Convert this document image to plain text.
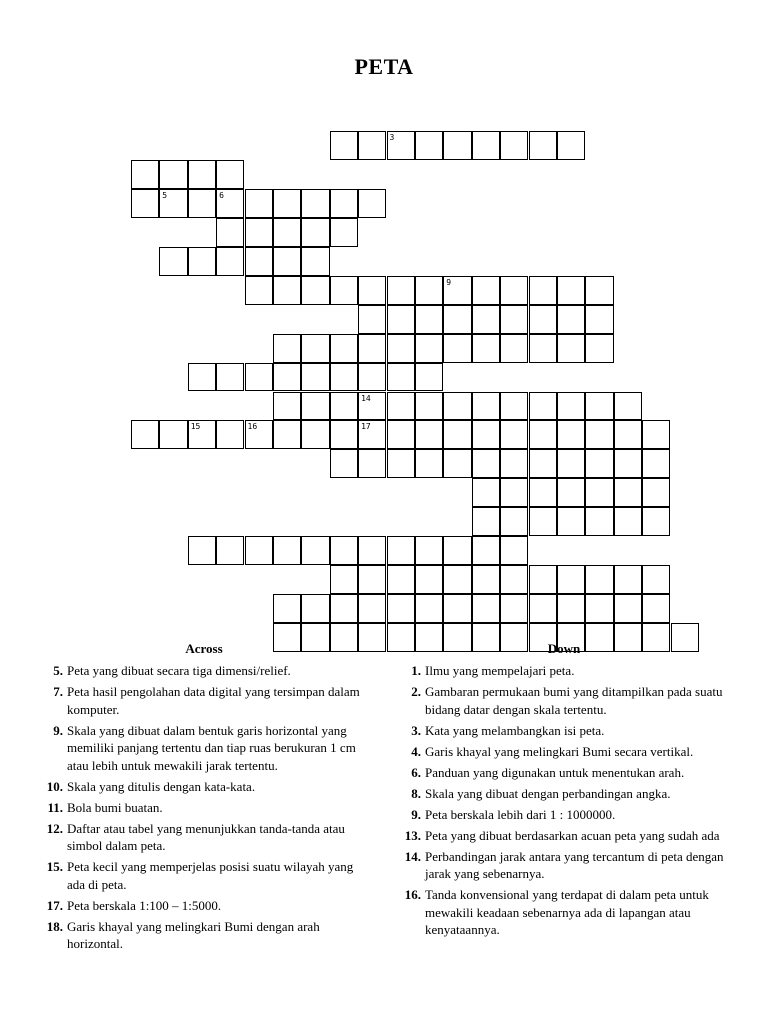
PETA
3
5	6
9
14
15	16	17
Across
5. Peta yang dibuat secara tiga dimensi/relief.
7. Peta hasil pengolahan data digital yang tersimpan dalam komputer.
9. Skala yang dibuat dalam bentuk garis horizontal yang memiliki panjang tertentu dan tiap ruas berukuran 1 cm atau lebih untuk mewakili jarak tertentu.
10. Skala yang ditulis dengan kata-kata.
11. Bola bumi buatan.
12. Daftar atau tabel yang menunjukkan tanda-tanda atau simbol dalam peta.
15. Peta kecil yang memperjelas posisi suatu wilayah yang ada di peta.
17. Peta berskala 1:100 – 1:5000.
18. Garis khayal yang melingkari Bumi dengan arah horizontal.
Down
1. Ilmu yang mempelajari peta.
2. Gambaran permukaan bumi yang ditampilkan pada suatu bidang datar dengan skala tertentu.
3. Kata yang melambangkan isi peta.
4. Garis khayal yang melingkari Bumi secara vertikal.
6. Panduan yang digunakan untuk menentukan arah.
8. Skala yang dibuat dengan perbandingan angka.
9. Peta berskala lebih dari 1 : 1000000.
13. Peta yang dibuat berdasarkan acuan peta yang sudah ada
14. Perbandingan jarak antara yang tercantum di peta dengan jarak yang sebenarnya.
16. Tanda konvensional yang terdapat di dalam peta untuk mewakili keadaan sebenarnya ada di lapangan atau kenyataannya.
